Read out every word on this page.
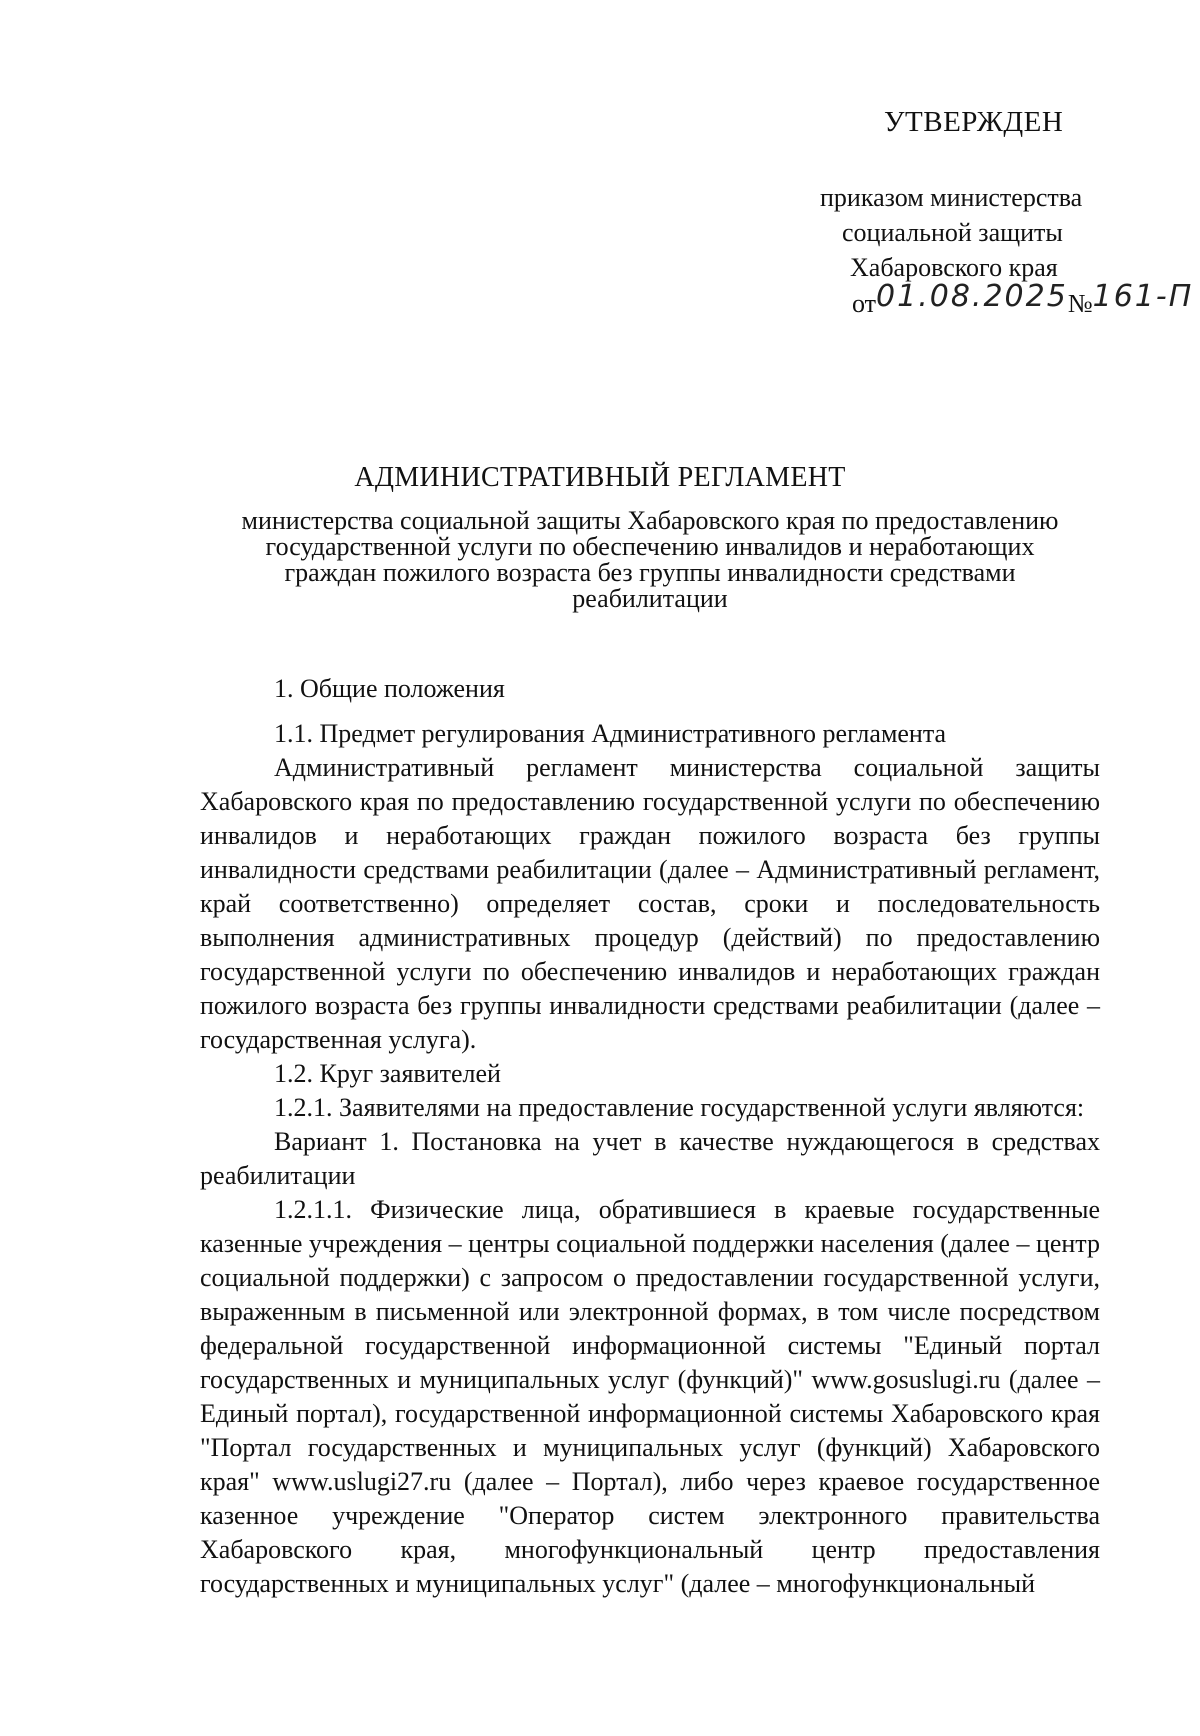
УТВЕРЖДЕН
приказом министерства
социальной защиты
Хабаровского края
от01.08.2025№161-П
АДМИНИСТРАТИВНЫЙ РЕГЛАМЕНТ
министерства социальной защиты Хабаровского края по предоставлению
государственной услуги по обеспечению инвалидов и неработающих
граждан пожилого возраста без группы инвалидности средствами
реабилитации

1. Общие положения

1.1. Предмет регулирования Административного регламента

Административный регламент министерства социальной защиты Хабаровского края по предоставлению государственной услуги по обеспечению инвалидов и неработающих граждан пожилого возраста без группы инвалидности средствами реабилитации (далее – Административный регламент, край соответственно) определяет состав, сроки и последовательность выполнения административных процедур (действий) по предоставлению государственной услуги по обеспечению инвалидов и неработающих граждан пожилого возраста без группы инвалидности средствами реабилитации (далее – государственная услуга).

1.2. Круг заявителей

1.2.1. Заявителями на предоставление государственной услуги являются:

Вариант 1. Постановка на учет в качестве нуждающегося в средствах реабилитации

1.2.1.1. Физические лица, обратившиеся в краевые государственные казенные учреждения – центры социальной поддержки населения (далее – центр социальной поддержки) с запросом о предоставлении государственной услуги, выраженным в письменной или электронной формах, в том числе посредством федеральной государственной информационной системы "Единый портал государственных и муниципальных услуг (функций)" www.gosuslugi.ru (далее – Единый портал), государственной информационной системы Хабаровского края "Портал государственных и муниципальных услуг (функций) Хабаровского края" www.uslugi27.ru (далее – Портал), либо через краевое государственное казенное учреждение "Оператор систем электронного правительства Хабаровского края, многофункциональный центр предоставления государственных и муниципальных услуг" (далее – многофункциональный
